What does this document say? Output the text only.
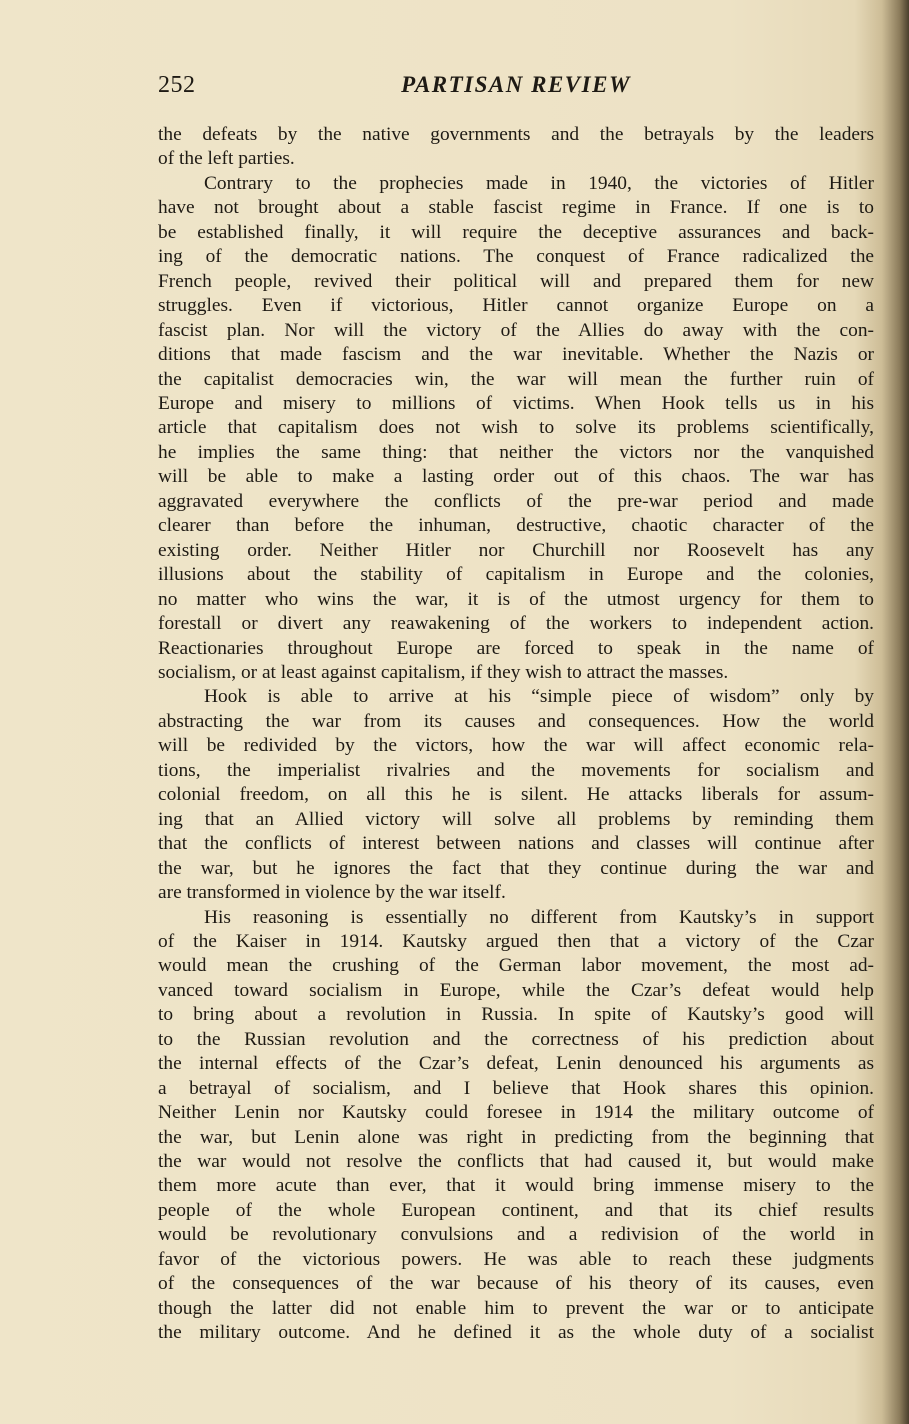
252	PARTISAN REVIEW
the defeats by the native governments and the betrayals by the leaders
of the left parties.
Contrary to the prophecies made in 1940, the victories of Hitler
have not brought about a stable fascist regime in France. If one is to
be established finally, it will require the deceptive assurances and back-
ing of the democratic nations. The conquest of France radicalized the
French people, revived their political will and prepared them for new
struggles. Even if victorious, Hitler cannot organize Europe on a
fascist plan. Nor will the victory of the Allies do away with the con-
ditions that made fascism and the war inevitable. Whether the Nazis or
the capitalist democracies win, the war will mean the further ruin of
Europe and misery to millions of victims. When Hook tells us in his
article that capitalism does not wish to solve its problems scientifically,
he implies the same thing: that neither the victors nor the vanquished
will be able to make a lasting order out of this chaos. The war has
aggravated everywhere the conflicts of the pre-war period and made
clearer than before the inhuman, destructive, chaotic character of the
existing order. Neither Hitler nor Churchill nor Roosevelt has any
illusions about the stability of capitalism in Europe and the colonies,
no matter who wins the war, it is of the utmost urgency for them to
forestall or divert any reawakening of the workers to independent action.
Reactionaries throughout Europe are forced to speak in the name of
socialism, or at least against capitalism, if they wish to attract the masses.
Hook is able to arrive at his “simple piece of wisdom” only by
abstracting the war from its causes and consequences. How the world
will be redivided by the victors, how the war will affect economic rela-
tions, the imperialist rivalries and the movements for socialism and
colonial freedom, on all this he is silent. He attacks liberals for assum-
ing that an Allied victory will solve all problems by reminding them
that the conflicts of interest between nations and classes will continue after
the war, but he ignores the fact that they continue during the war and
are transformed in violence by the war itself.
His reasoning is essentially no different from Kautsky’s in support
of the Kaiser in 1914. Kautsky argued then that a victory of the Czar
would mean the crushing of the German labor movement, the most ad-
vanced toward socialism in Europe, while the Czar’s defeat would help
to bring about a revolution in Russia. In spite of Kautsky’s good will
to the Russian revolution and the correctness of his prediction about
the internal effects of the Czar’s defeat, Lenin denounced his arguments as
a betrayal of socialism, and I believe that Hook shares this opinion.
Neither Lenin nor Kautsky could foresee in 1914 the military outcome of
the war, but Lenin alone was right in predicting from the beginning that
the war would not resolve the conflicts that had caused it, but would make
them more acute than ever, that it would bring immense misery to the
people of the whole European continent, and that its chief results
would be revolutionary convulsions and a redivision of the world in
favor of the victorious powers. He was able to reach these judgments
of the consequences of the war because of his theory of its causes, even
though the latter did not enable him to prevent the war or to anticipate
the military outcome. And he defined it as the whole duty of a socialist
